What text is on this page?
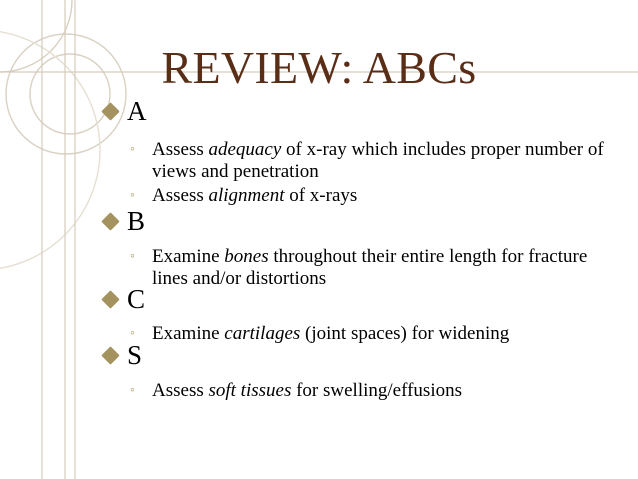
REVIEW: ABCs
A
◦ Assess adequacy of x-ray which includes proper number of views and penetration
◦ Assess alignment of x-rays
B
◦ Examine bones throughout their entire length for fracture lines and/or distortions
C
◦ Examine cartilages (joint spaces) for widening
S
◦ Assess soft tissues for swelling/effusions
